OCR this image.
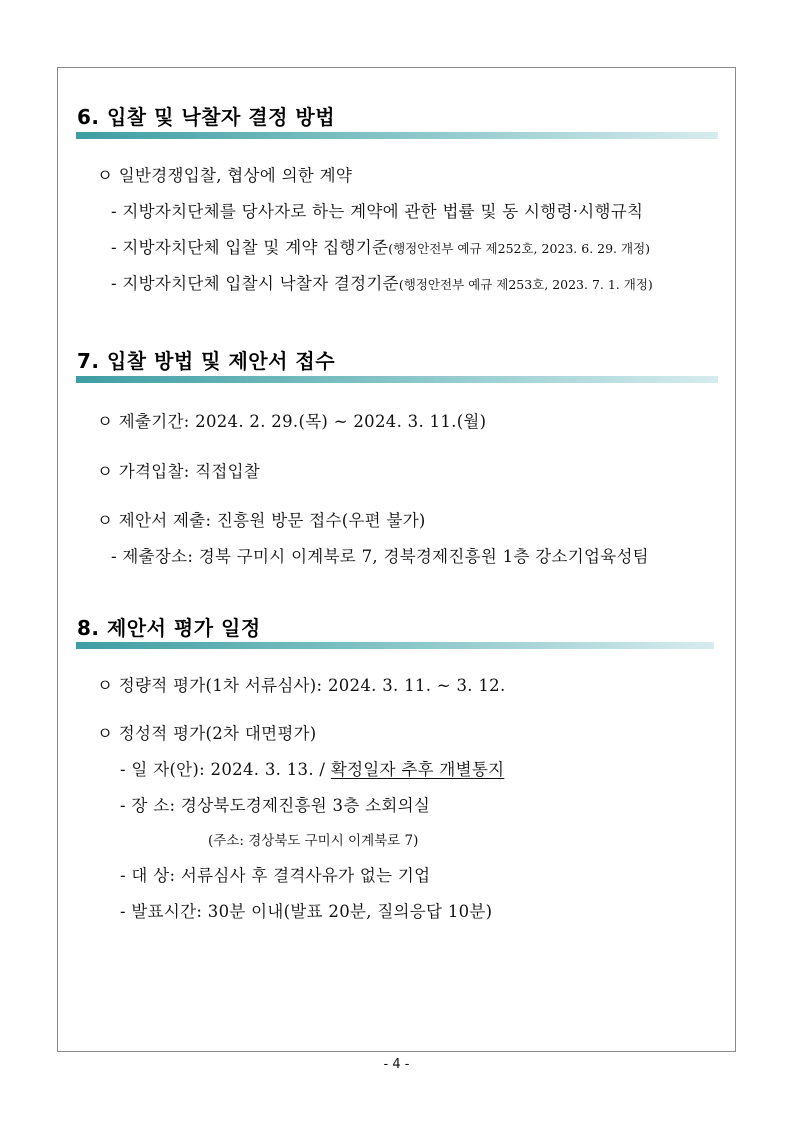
6. 입찰 및 낙찰자 결정 방법
ㅇ 일반경쟁입찰, 협상에 의한 계약
- 지방자치단체를 당사자로 하는 계약에 관한 법률 및 동 시행령·시행규칙
- 지방자치단체 입찰 및 계약 집행기준(행정안전부 예규 제252호, 2023. 6. 29. 개정)
- 지방자치단체 입찰시 낙찰자 결정기준(행정안전부 예규 제253호, 2023. 7. 1. 개정)
7. 입찰 방법 및 제안서 접수
ㅇ 제출기간: 2024. 2. 29.(목) ~ 2024. 3. 11.(월)
ㅇ 가격입찰: 직접입찰
ㅇ 제안서 제출: 진흥원 방문 접수(우편 불가)
- 제출장소: 경북 구미시 이계북로 7, 경북경제진흥원 1층 강소기업육성팀
8. 제안서 평가 일정
ㅇ 정량적 평가(1차 서류심사): 2024. 3. 11. ~ 3. 12.
ㅇ 정성적 평가(2차 대면평가)
- 일 자(안): 2024. 3. 13. / 확정일자 추후 개별통지
- 장 소: 경상북도경제진흥원 3층 소회의실
(주소: 경상북도 구미시 이계북로 7)
- 대 상: 서류심사 후 결격사유가 없는 기업
- 발표시간: 30분 이내(발표 20분, 질의응답 10분)
- 4 -
